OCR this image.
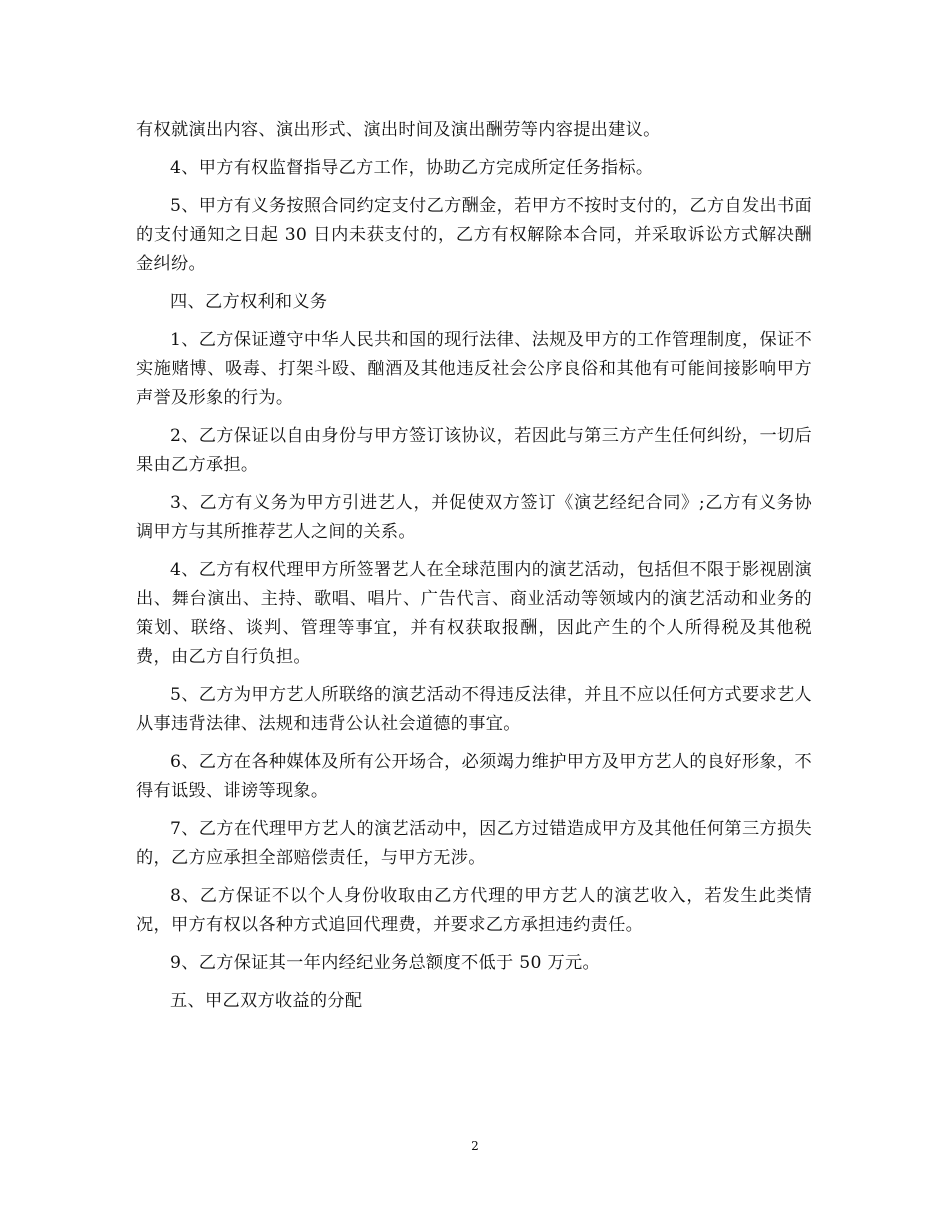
有权就演出内容、演出形式、演出时间及演出酬劳等内容提出建议。

4、甲方有权监督指导乙方工作，协助乙方完成所定任务指标。

5、甲方有义务按照合同约定支付乙方酬金，若甲方不按时支付的，乙方自发出书面的支付通知之日起 30 日内未获支付的，乙方有权解除本合同，并采取诉讼方式解决酬金纠纷。

四、乙方权利和义务

1、乙方保证遵守中华人民共和国的现行法律、法规及甲方的工作管理制度，保证不实施赌博、吸毒、打架斗殴、酗酒及其他违反社会公序良俗和其他有可能间接影响甲方声誉及形象的行为。

2、乙方保证以自由身份与甲方签订该协议，若因此与第三方产生任何纠纷，一切后果由乙方承担。

3、乙方有义务为甲方引进艺人，并促使双方签订《演艺经纪合同》;乙方有义务协调甲方与其所推荐艺人之间的关系。

4、乙方有权代理甲方所签署艺人在全球范围内的演艺活动，包括但不限于影视剧演出、舞台演出、主持、歌唱、唱片、广告代言、商业活动等领域内的演艺活动和业务的策划、联络、谈判、管理等事宜，并有权获取报酬，因此产生的个人所得税及其他税费，由乙方自行负担。

5、乙方为甲方艺人所联络的演艺活动不得违反法律，并且不应以任何方式要求艺人从事违背法律、法规和违背公认社会道德的事宜。

6、乙方在各种媒体及所有公开场合，必须竭力维护甲方及甲方艺人的良好形象，不得有诋毁、诽谤等现象。

7、乙方在代理甲方艺人的演艺活动中，因乙方过错造成甲方及其他任何第三方损失的，乙方应承担全部赔偿责任，与甲方无涉。

8、乙方保证不以个人身份收取由乙方代理的甲方艺人的演艺收入，若发生此类情况，甲方有权以各种方式追回代理费，并要求乙方承担违约责任。

9、乙方保证其一年内经纪业务总额度不低于 50 万元。

五、甲乙双方收益的分配

2
